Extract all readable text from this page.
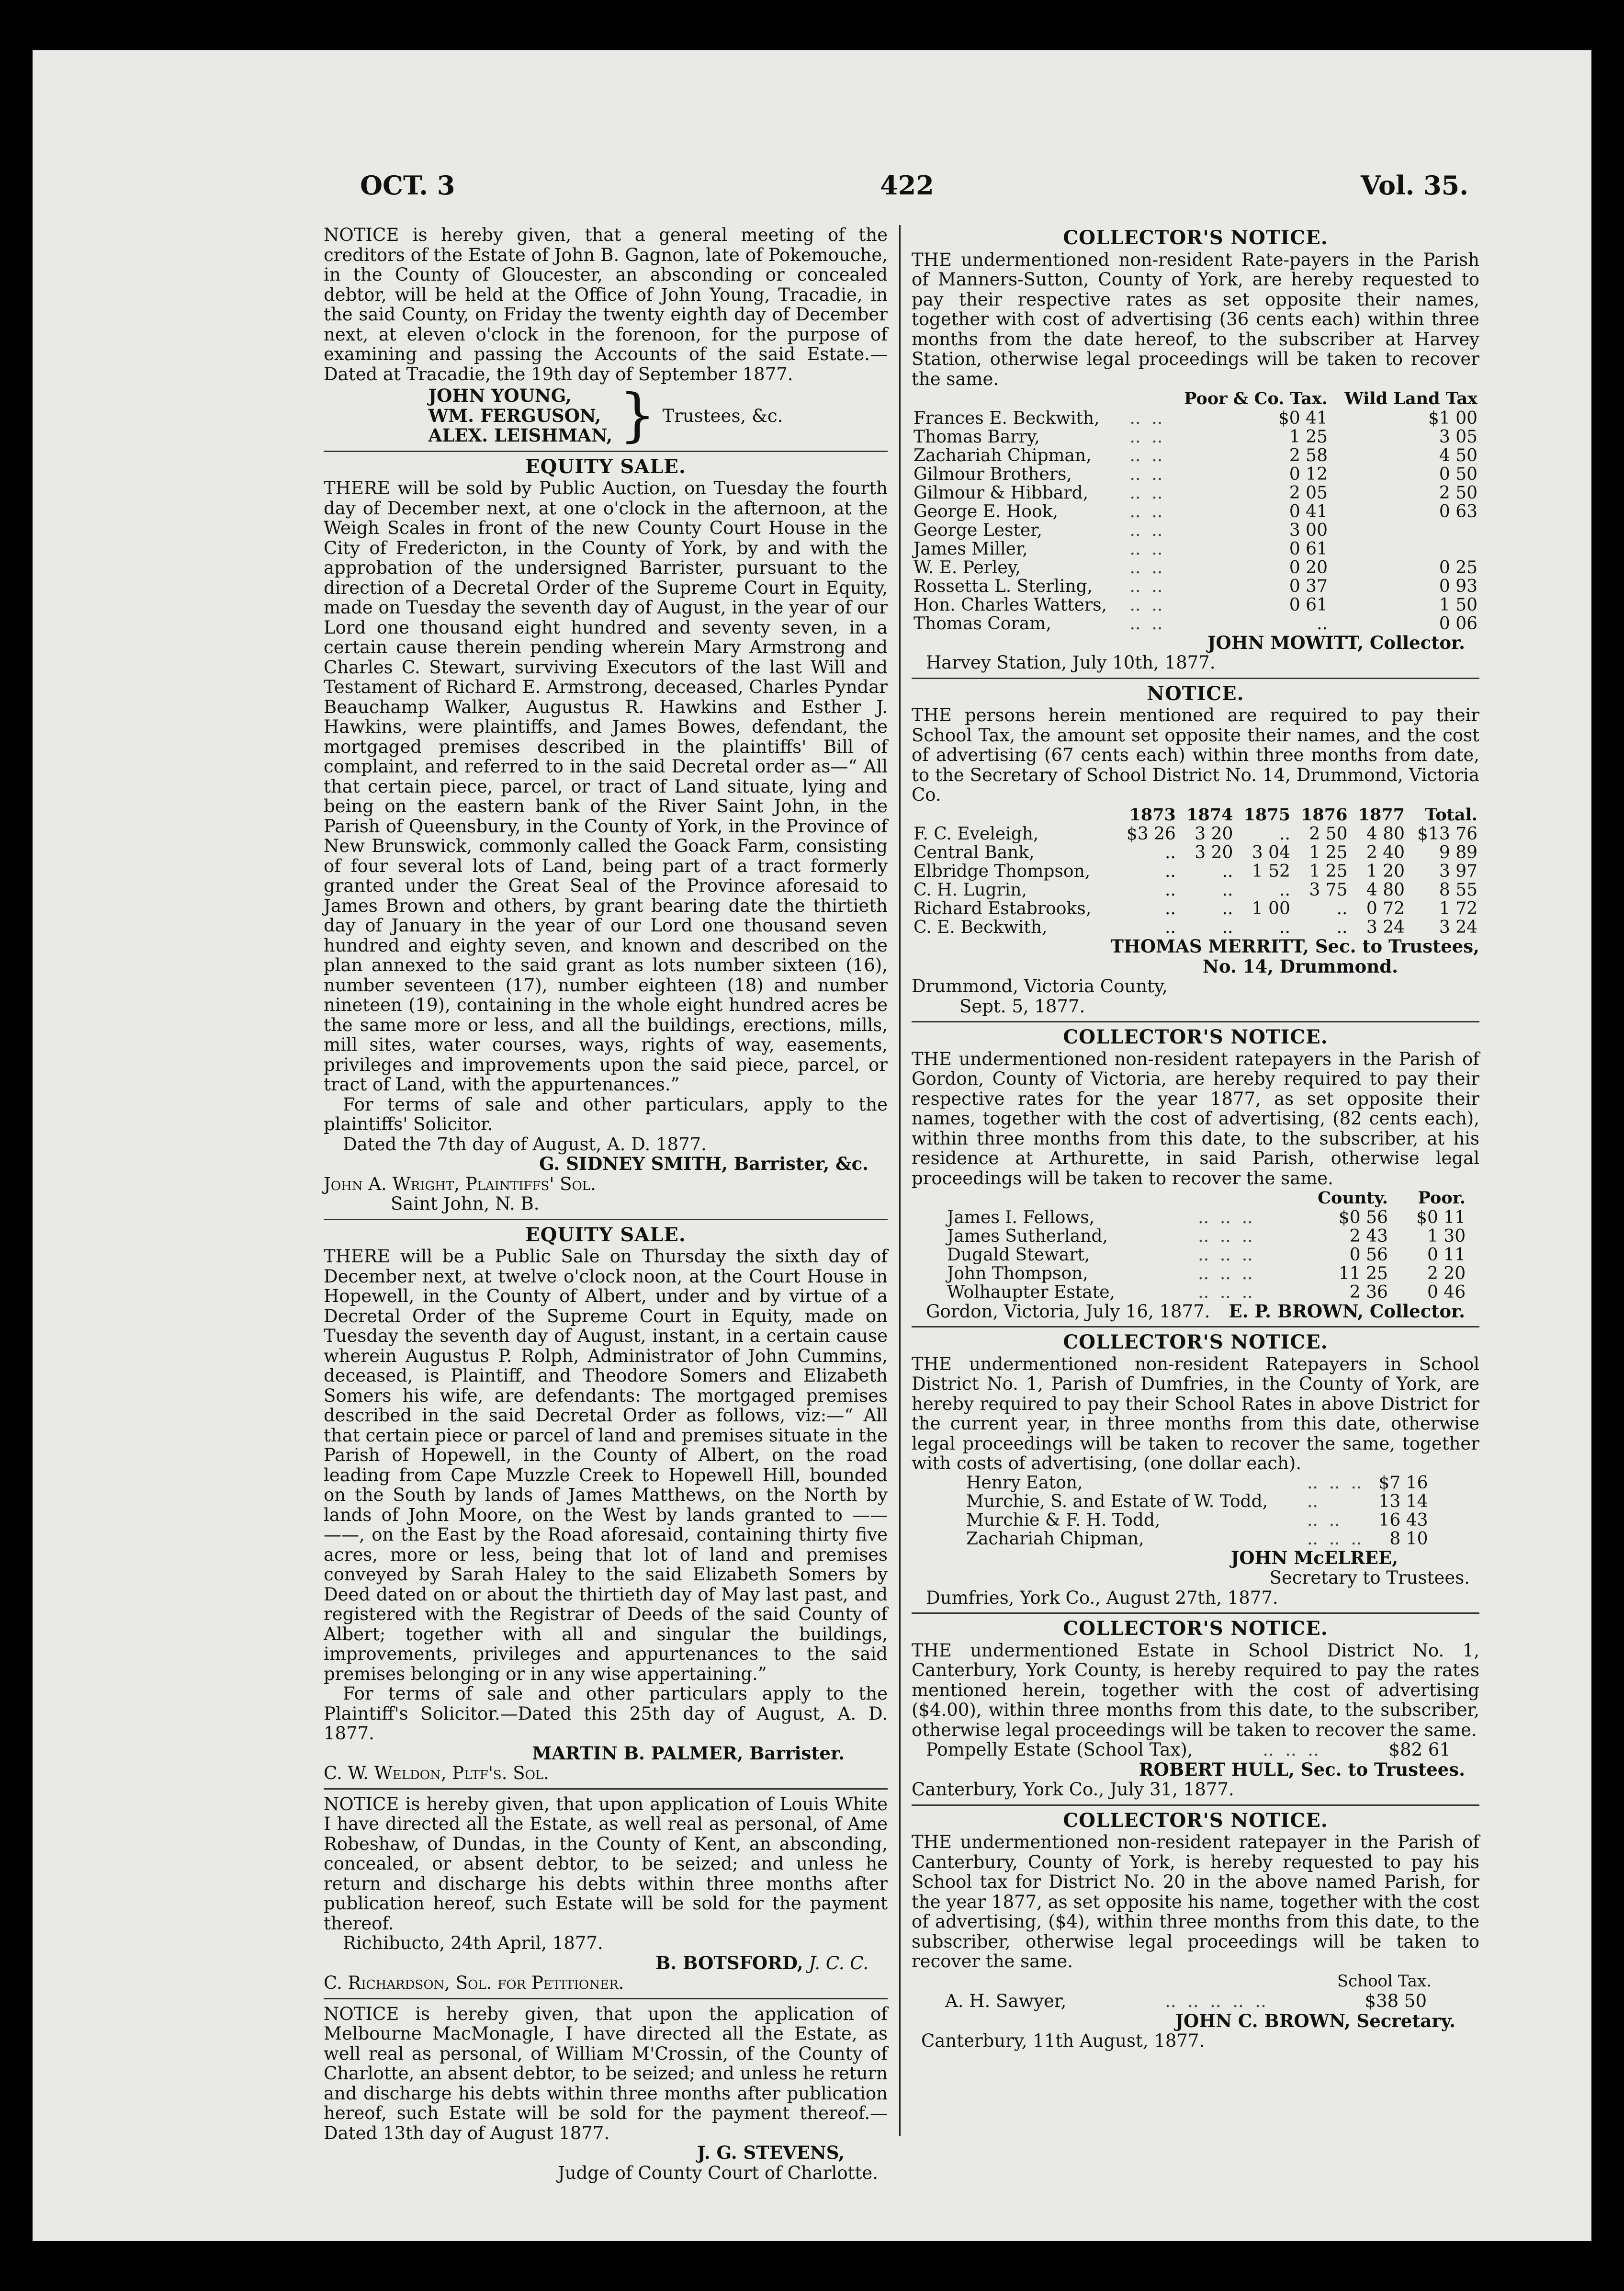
OCT. 3	422	Vol. 35.

NOTICE is hereby given, that a general meeting of the creditors of the Estate of John B. Gagnon, late of Pokemouche, in the County of Gloucester, an absconding or concealed debtor, will be held at the Office of John Young, Tracadie, in the said County, on Friday the twenty eighth day of December next, at eleven o'clock in the forenoon, for the purpose of examining and passing the Accounts of the said Estate.—Dated at Tracadie, the 19th day of September 1877.

JOHN YOUNG,
WM. FERGUSON,
ALEX. LEISHMAN, } Trustees, &c.
EQUITY SALE.

THERE will be sold by Public Auction, on Tuesday the fourth day of December next, at one o'clock in the afternoon, at the Weigh Scales in front of the new County Court House in the City of Fredericton, in the County of York, by and with the approbation of the undersigned Barrister, pursuant to the direction of a Decretal Order of the Supreme Court in Equity, made on Tuesday the seventh day of August, in the year of our Lord one thousand eight hundred and seventy seven, in a certain cause therein pending wherein Mary Armstrong and Charles C. Stewart, surviving Executors of the last Will and Testament of Richard E. Armstrong, deceased, Charles Pyndar Beauchamp Walker, Augustus R. Hawkins and Esther J. Hawkins, were plaintiffs, and James Bowes, defendant, the mortgaged premises described in the plaintiffs' Bill of complaint, and referred to in the said Decretal order as—“ All that certain piece, parcel, or tract of Land situate, lying and being on the eastern bank of the River Saint John, in the Parish of Queensbury, in the County of York, in the Province of New Brunswick, commonly called the Goack Farm, consisting of four several lots of Land, being part of a tract formerly granted under the Great Seal of the Province aforesaid to James Brown and others, by grant bearing date the thirtieth day of January in the year of our Lord one thousand seven hundred and eighty seven, and known and described on the plan annexed to the said grant as lots number sixteen (16), number seventeen (17), number eighteen (18) and number nineteen (19), containing in the whole eight hundred acres be the same more or less, and all the buildings, erections, mills, mill sites, water courses, ways, rights of way, easements, privileges and improvements upon the said piece, parcel, or tract of Land, with the appurtenances.”

For terms of sale and other particulars, apply to the plaintiffs' Solicitor.

Dated the 7th day of August, A. D. 1877.

G. SIDNEY SMITH, Barrister, &c.
John A. Wright, Plaintiffs' Sol.
Saint John, N. B.
EQUITY SALE.

THERE will be a Public Sale on Thursday the sixth day of December next, at twelve o'clock noon, at the Court House in Hopewell, in the County of Albert, under and by virtue of a Decretal Order of the Supreme Court in Equity, made on Tuesday the seventh day of August, instant, in a certain cause wherein Augustus P. Rolph, Administrator of John Cummins, deceased, is Plaintiff, and Theodore Somers and Elizabeth Somers his wife, are defendants: The mortgaged premises described in the said Decretal Order as follows, viz:—“ All that certain piece or parcel of land and premises situate in the Parish of Hopewell, in the County of Albert, on the road leading from Cape Muzzle Creek to Hopewell Hill, bounded on the South by lands of James Matthews, on the North by lands of John Moore, on the West by lands granted to —— ——, on the East by the Road aforesaid, containing thirty five acres, more or less, being that lot of land and premises conveyed by Sarah Haley to the said Elizabeth Somers by Deed dated on or about the thirtieth day of May last past, and registered with the Registrar of Deeds of the said County of Albert; together with all and singular the buildings, improvements, privileges and appurtenances to the said premises belonging or in any wise appertaining.”

For terms of sale and other particulars apply to the Plaintiff's Solicitor.—Dated this 25th day of August, A. D. 1877.

MARTIN B. PALMER, Barrister.
C. W. Weldon, Pltf's. Sol.

NOTICE is hereby given, that upon application of Louis White I have directed all the Estate, as well real as personal, of Ame Robeshaw, of Dundas, in the County of Kent, an absconding, concealed, or absent debtor, to be seized; and unless he return and discharge his debts within three months after publication hereof, such Estate will be sold for the payment thereof.

Richibucto, 24th April, 1877.

B. BOTSFORD, J. C. C.
C. Richardson, Sol. for Petitioner.

NOTICE is hereby given, that upon the application of Melbourne MacMonagle, I have directed all the Estate, as well real as personal, of William M'Crossin, of the County of Charlotte, an absent debtor, to be seized; and unless he return and discharge his debts within three months after publication hereof, such Estate will be sold for the payment thereof.—Dated 13th day of August 1877.

J. G. STEVENS,
Judge of County Court of Charlotte.
COLLECTOR'S NOTICE.

THE undermentioned non-resident Rate-payers in the Parish of Manners-Sutton, County of York, are hereby requested to pay their respective rates as set opposite their names, together with cost of advertising (36 cents each) within three months from the date hereof, to the subscriber at Harvey Station, otherwise legal proceedings will be taken to recover the same.

		Poor & Co. Tax.	Wild Land Tax
Frances E. Beckwith,	..  ..	$0 41	$1 00
Thomas Barry,	..  ..	1 25	3 05
Zachariah Chipman,	..  ..	2 58	4 50
Gilmour Brothers,	..  ..	0 12	0 50
Gilmour & Hibbard,	..  ..	2 05	2 50
George E. Hook,	..  ..	0 41	0 63
George Lester,	..  ..	3 00	
James Miller,	..  ..	0 61	
W. E. Perley,	..  ..	0 20	0 25
Rossetta L. Sterling,	..  ..	0 37	0 93
Hon. Charles Watters,	..  ..	0 61	1 50
Thomas Coram,	..  ..	..	0 06
JOHN MOWITT, Collector.
Harvey Station, July 10th, 1877.
NOTICE.

THE persons herein mentioned are required to pay their School Tax, the amount set opposite their names, and the cost of advertising (67 cents each) within three months from date, to the Secretary of School District No. 14, Drummond, Victoria Co.

	1873	1874	1875	1876	1877	Total.
F. C. Eveleigh,	$3 26	3 20	..	2 50	4 80	$13 76
Central Bank,	..	3 20	3 04	1 25	2 40	9 89
Elbridge Thompson,	..	..	1 52	1 25	1 20	3 97
C. H. Lugrin,	..	..	..	3 75	4 80	8 55
Richard Estabrooks,	..	..	1 00	..	0 72	1 72
C. E. Beckwith,	..	..	..	..	3 24	3 24
THOMAS MERRITT, Sec. to Trustees,
No. 14, Drummond.
Drummond, Victoria County,
Sept. 5, 1877.
COLLECTOR'S NOTICE.

THE undermentioned non-resident ratepayers in the Parish of Gordon, County of Victoria, are hereby required to pay their respective rates for the year 1877, as set opposite their names, together with the cost of advertising, (82 cents each), within three months from this date, to the subscriber, at his residence at Arthurette, in said Parish, otherwise legal proceedings will be taken to recover the same.

		County.	Poor.
James I. Fellows,	..  ..  ..	$0 56	$0 11
James Sutherland,	..  ..  ..	2 43	1 30
Dugald Stewart,	..  ..  ..	0 56	0 11
John Thompson,	..  ..  ..	11 25	2 20
Wolhaupter Estate,	..  ..  ..	2 36	0 46
Gordon, Victoria, July 16, 1877. E. P. BROWN, Collector.
COLLECTOR'S NOTICE.

THE undermentioned non-resident Ratepayers in School District No. 1, Parish of Dumfries, in the County of York, are hereby required to pay their School Rates in above District for the current year, in three months from this date, otherwise legal proceedings will be taken to recover the same, together with costs of advertising, (one dollar each).

Henry Eaton,	..  ..  ..	$7 16
Murchie, S. and Estate of W. Todd,	..	13 14
Murchie & F. H. Todd,	..  ..	16 43
Zachariah Chipman,	..  ..  ..	8 10
JOHN McELREE,
Secretary to Trustees.
Dumfries, York Co., August 27th, 1877.
COLLECTOR'S NOTICE.

THE undermentioned Estate in School District No. 1, Canterbury, York County, is hereby required to pay the rates mentioned herein, together with the cost of advertising ($4.00), within three months from this date, to the subscriber, otherwise legal proceedings will be taken to recover the same.

Pompelly Estate (School Tax),	..  ..  ..	$82 61
ROBERT HULL, Sec. to Trustees.
Canterbury, York Co., July 31, 1877.
COLLECTOR'S NOTICE.

THE undermentioned non-resident ratepayer in the Parish of Canterbury, County of York, is hereby requested to pay his School tax for District No. 20 in the above named Parish, for the year 1877, as set opposite his name, together with the cost of advertising, ($4), within three months from this date, to the subscriber, otherwise legal proceedings will be taken to recover the same.

School Tax.
A. H. Sawyer,	..  ..  ..  ..  ..	$38 50
JOHN C. BROWN, Secretary.
Canterbury, 11th August, 1877.
